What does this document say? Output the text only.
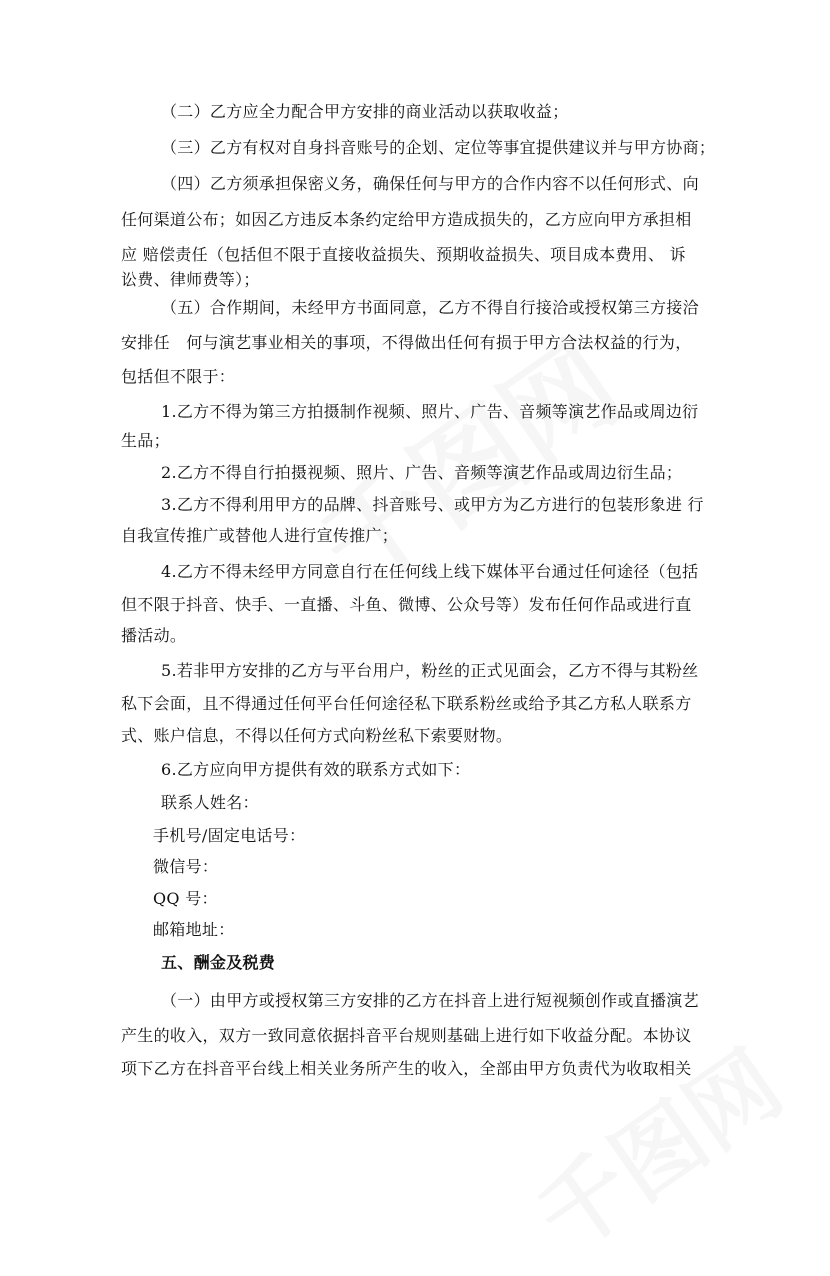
（二）乙方应全力配合甲方安排的商业活动以获取收益；
（三）乙方有权对自身抖音账号的企划、定位等事宜提供建议并与甲方协商；
（四）乙方须承担保密义务，确保任何与甲方的合作内容不以任何形式、向
任何渠道公布；如因乙方违反本条约定给甲方造成损失的，乙方应向甲方承担相
应 赔偿责任（包括但不限于直接收益损失、预期收益损失、项目成本费用、 诉
讼费、律师费等）；
（五）合作期间，未经甲方书面同意，乙方不得自行接洽或授权第三方接洽
安排任　何与演艺事业相关的事项，不得做出任何有损于甲方合法权益的行为，
包括但不限于：
1.乙方不得为第三方拍摄制作视频、照片、广告、音频等演艺作品或周边衍
生品；
2.乙方不得自行拍摄视频、照片、广告、音频等演艺作品或周边衍生品；
3.乙方不得利用甲方的品牌、抖音账号、或甲方为乙方进行的包装形象进 行
自我宣传推广或替他人进行宣传推广；
4.乙方不得未经甲方同意自行在任何线上线下媒体平台通过任何途径（包括
但不限于抖音、快手、一直播、斗鱼、微博、公众号等）发布任何作品或进行直
播活动。
5.若非甲方安排的乙方与平台用户，粉丝的正式见面会，乙方不得与其粉丝
私下会面，且不得通过任何平台任何途径私下联系粉丝或给予其乙方私人联系方
式、账户信息，不得以任何方式向粉丝私下索要财物。
6.乙方应向甲方提供有效的联系方式如下：
联系人姓名：
手机号/固定电话号：
微信号：
QQ 号：
邮箱地址：
五、酬金及税费
（一）由甲方或授权第三方安排的乙方在抖音上进行短视频创作或直播演艺
产生的收入，双方一致同意依据抖音平台规则基础上进行如下收益分配。本协议
项下乙方在抖音平台线上相关业务所产生的收入，全部由甲方负责代为收取相关
